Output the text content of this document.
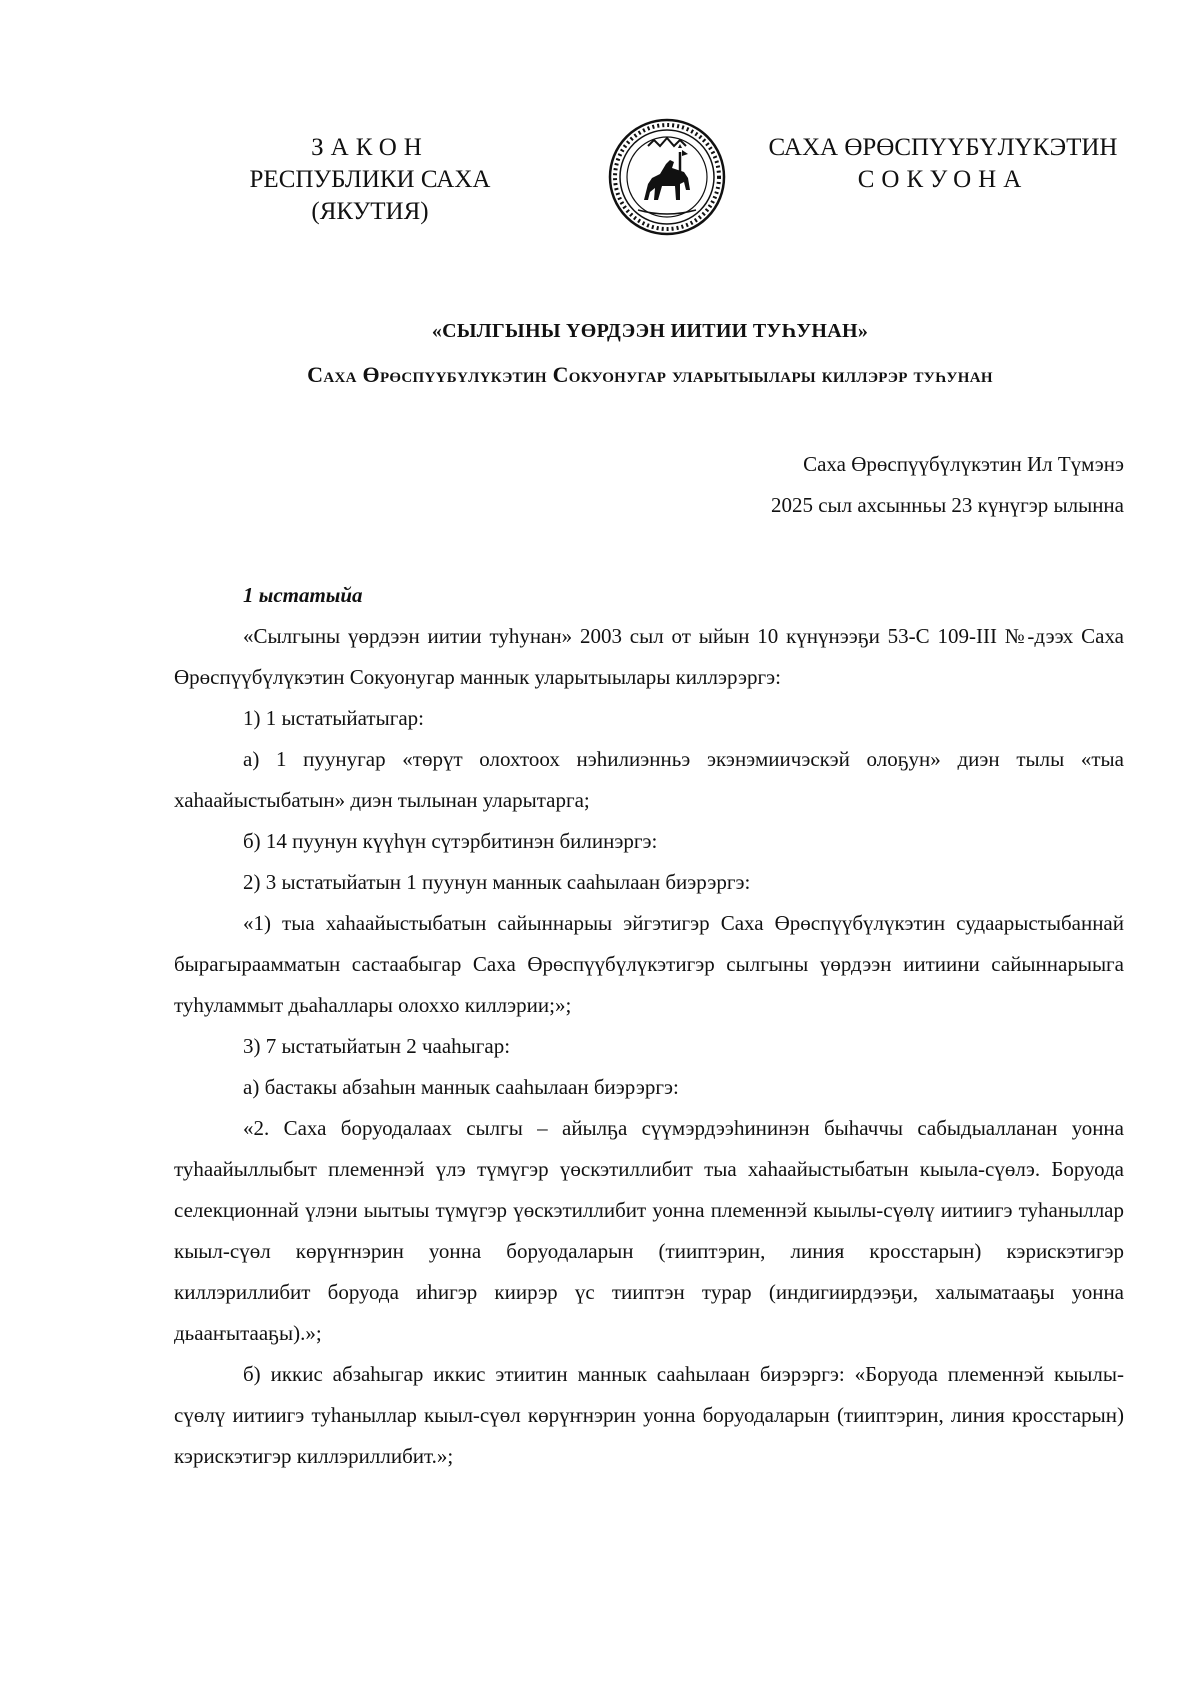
ЗАКОН
РЕСПУБЛИКИ САХА (ЯКУТИЯ)
САХА ӨРӨСПҮҮБҮЛҮКЭТИН
СОКУОНА
«СЫЛГЫНЫ ҮӨРДЭЭН ИИТИИ ТУҺУНАН»
Саха Өрөспүүбүлүкэтин Сокуонугар уларытыылары киллэрэр туһунан
Саха Өрөспүүбүлүкэтин Ил Түмэнэ
2025 сыл ахсынньы 23 күнүгэр ылынна

1 ыстатыйа

«Сылгыны үөрдээн иитии туһунан» 2003 сыл от ыйын 10 күнүнээҕи 53-С 109-III №-дээх Саха Өрөспүүбүлүкэтин Сокуонугар маннык уларытыылары киллэрэргэ:

1) 1 ыстатыйатыгар:

а) 1 пуунугар «төрүт олохтоох нэһилиэнньэ экэнэмиичэскэй олоҕун» диэн тылы «тыа хаһаайыстыбатын» диэн тылынан уларытарга;

б) 14 пуунун күүһүн сүтэрбитинэн билинэргэ:

2) 3 ыстатыйатын 1 пуунун маннык сааһылаан биэрэргэ:

«1) тыа хаһаайыстыбатын сайыннарыы эйгэтигэр Саха Өрөспүүбүлүкэтин судаарыстыбаннай бырагыраамматын састаабыгар Саха Өрөспүүбүлүкэтигэр сылгыны үөрдээн иитиини сайыннарыыга туһуламмыт дьаһаллары олоххо киллэрии;»;

3) 7 ыстатыйатын 2 чааһыгар:

а) бастакы абзаһын маннык сааһылаан биэрэргэ:

«2. Саха боруодалаах сылгы – айылҕа сүүмэрдээһининэн быһаччы сабыдыалланан уонна туһаайыллыбыт племеннэй үлэ түмүгэр үөскэтиллибит тыа хаһаайыстыбатын кыыла-сүөлэ. Боруода селекционнай үлэни ыытыы түмүгэр үөскэтиллибит уонна племеннэй кыылы-сүөлү иитиигэ туһаныллар кыыл-сүөл көрүҥнэрин уонна боруодаларын (тииптэрин, линия кросстарын) кэрискэтигэр киллэриллибит боруода иһигэр киирэр үс тииптэн турар (индигиирдээҕи, халыматааҕы уонна дьааҥытааҕы).»;

б) иккис абзаһыгар иккис этиитин маннык сааһылаан биэрэргэ: «Боруода племеннэй кыылы-сүөлү иитиигэ туһаныллар кыыл-сүөл көрүҥнэрин уонна боруодаларын (тииптэрин, линия кросстарын) кэрискэтигэр киллэриллибит.»;
